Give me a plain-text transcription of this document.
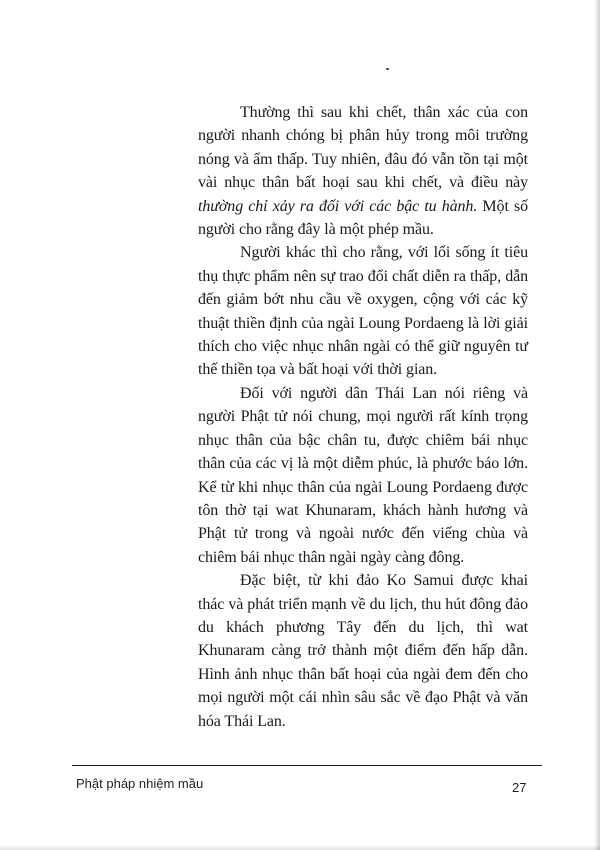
Thường thì sau khi chết, thân xác của con người nhanh chóng bị phân hủy trong môi trường nóng và ẩm thấp. Tuy nhiên, đâu đó vẫn tồn tại một vài nhục thân bất hoại sau khi chết, và điều này thường chỉ xảy ra đối với các bậc tu hành. Một số người cho rằng đây là một phép mầu.

Người khác thì cho rằng, với lối sống ít tiêu thụ thực phẩm nên sự trao đổi chất diễn ra thấp, dẫn đến giảm bớt nhu cầu về oxygen, cộng với các kỹ thuật thiền định của ngài Loung Pordaeng là lời giải thích cho việc nhục nhân ngài có thể giữ nguyên tư thế thiền tọa và bất hoại với thời gian.

Đối với người dân Thái Lan nói riêng và người Phật tử nói chung, mọi người rất kính trọng nhục thân của bậc chân tu, được chiêm bái nhục thân của các vị là một diễm phúc, là phước báo lớn. Kể từ khi nhục thân của ngài Loung Pordaeng được tôn thờ tại wat Khunaram, khách hành hương và Phật tử trong và ngoài nước đến viếng chùa và chiêm bái nhục thân ngài ngày càng đông.

Đặc biệt, từ khi đảo Ko Samui được khai thác và phát triển mạnh về du lịch, thu hút đông đảo du khách phương Tây đến du lịch, thì wat Khunaram càng trở thành một điểm đến hấp dẫn. Hình ảnh nhục thân bất hoại của ngài đem đến cho mọi người một cái nhìn sâu sắc về đạo Phật và văn hóa Thái Lan.

Phật pháp nhiệm mầu	27
